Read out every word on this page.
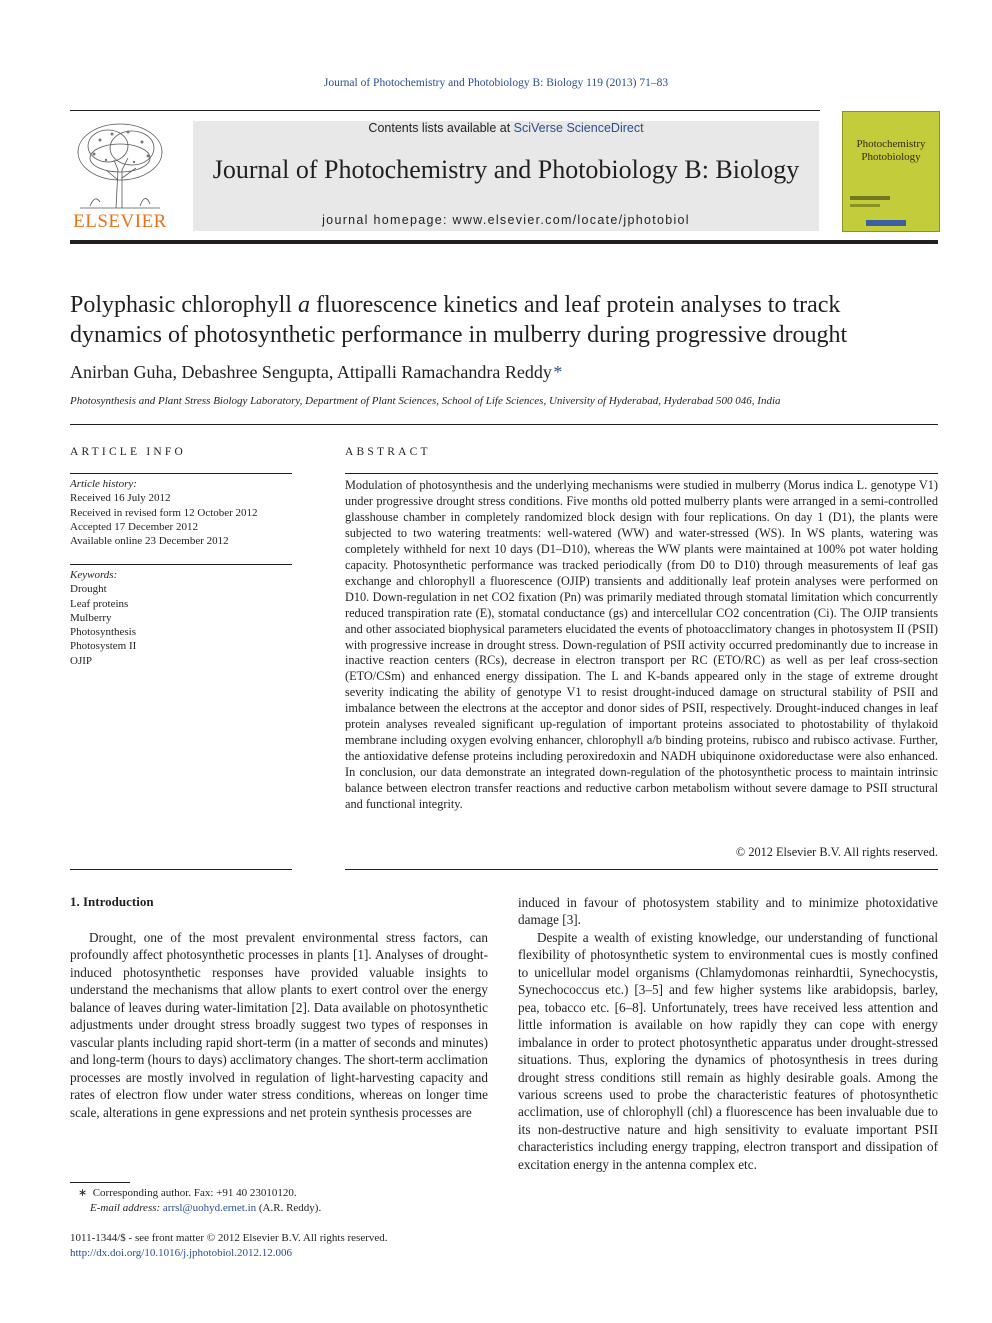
Journal of Photochemistry and Photobiology B: Biology 119 (2013) 71–83
ELSEVIER
Contents lists available at SciVerse ScienceDirect
Journal of Photochemistry and Photobiology B: Biology
journal homepage: www.elsevier.com/locate/jphotobiol
Photochemistry Photobiology
Polyphasic chlorophyll a fluorescence kinetics and leaf protein analyses to track dynamics of photosynthetic performance in mulberry during progressive drought
Anirban Guha, Debashree Sengupta, Attipalli Ramachandra Reddy *
Photosynthesis and Plant Stress Biology Laboratory, Department of Plant Sciences, School of Life Sciences, University of Hyderabad, Hyderabad 500 046, India
ARTICLE INFO
Article history:
Received 16 July 2012
Received in revised form 12 October 2012
Accepted 17 December 2012
Available online 23 December 2012
Keywords:
Drought
Leaf proteins
Mulberry
Photosynthesis
Photosystem II
OJIP
ABSTRACT

Modulation of photosynthesis and the underlying mechanisms were studied in mulberry (Morus indica L. genotype V1) under progressive drought stress conditions. Five months old potted mulberry plants were arranged in a semi-controlled glasshouse chamber in completely randomized block design with four replications. On day 1 (D1), the plants were subjected to two watering treatments: well-watered (WW) and water-stressed (WS). In WS plants, watering was completely withheld for next 10 days (D1–D10), whereas the WW plants were maintained at 100% pot water holding capacity. Photosynthetic performance was tracked periodically (from D0 to D10) through measurements of leaf gas exchange and chlorophyll a fluorescence (OJIP) transients and additionally leaf protein analyses were performed on D10. Down-regulation in net CO2 fixation (Pn) was primarily mediated through stomatal limitation which concurrently reduced transpiration rate (E), stomatal conductance (gs) and intercellular CO2 concentration (Ci). The OJIP transients and other associated biophysical parameters elucidated the events of photoacclimatory changes in photosystem II (PSII) with progressive increase in drought stress. Down-regulation of PSII activity occurred predominantly due to increase in inactive reaction centers (RCs), decrease in electron transport per RC (ETO/RC) as well as per leaf cross-section (ETO/CSm) and enhanced energy dissipation. The L and K-bands appeared only in the stage of extreme drought severity indicating the ability of genotype V1 to resist drought-induced damage on structural stability of PSII and imbalance between the electrons at the acceptor and donor sides of PSII, respectively. Drought-induced changes in leaf protein analyses revealed significant up-regulation of important proteins associated to photostability of thylakoid membrane including oxygen evolving enhancer, chlorophyll a/b binding proteins, rubisco and rubisco activase. Further, the antioxidative defense proteins including peroxiredoxin and NADH ubiquinone oxidoreductase were also enhanced. In conclusion, our data demonstrate an integrated down-regulation of the photosynthetic process to maintain intrinsic balance between electron transfer reactions and reductive carbon metabolism without severe damage to PSII structural and functional integrity.

© 2012 Elsevier B.V. All rights reserved.
1. Introduction

Drought, one of the most prevalent environmental stress factors, can profoundly affect photosynthetic processes in plants [1]. Analyses of drought-induced photosynthetic responses have provided valuable insights to understand the mechanisms that allow plants to exert control over the energy balance of leaves during water-limitation [2]. Data available on photosynthetic adjustments under drought stress broadly suggest two types of responses in vascular plants including rapid short-term (in a matter of seconds and minutes) and long-term (hours to days) acclimatory changes. The short-term acclimation processes are mostly involved in regulation of light-harvesting capacity and rates of electron flow under water stress conditions, whereas on longer time scale, alterations in gene expressions and net protein synthesis processes are

induced in favour of photosystem stability and to minimize photoxidative damage [3].

Despite a wealth of existing knowledge, our understanding of functional flexibility of photosynthetic system to environmental cues is mostly confined to unicellular model organisms (Chlamydomonas reinhardtii, Synechocystis, Synechococcus etc.) [3–5] and few higher systems like arabidopsis, barley, pea, tobacco etc. [6–8]. Unfortunately, trees have received less attention and little information is available on how rapidly they can cope with energy imbalance in order to protect photosynthetic apparatus under drought-stressed situations. Thus, exploring the dynamics of photosynthesis in trees during drought stress conditions still remain as highly desirable goals. Among the various screens used to probe the characteristic features of photosynthetic acclimation, use of chlorophyll (chl) a fluorescence has been invaluable due to its non-destructive nature and high sensitivity to evaluate important PSII characteristics including energy trapping, electron transport and dissipation of excitation energy in the antenna complex etc.

∗  Corresponding author. Fax: +91 40 23010120.
E-mail address: arrsl@uohyd.ernet.in (A.R. Reddy).
1011-1344/$ - see front matter © 2012 Elsevier B.V. All rights reserved.
http://dx.doi.org/10.1016/j.jphotobiol.2012.12.006
